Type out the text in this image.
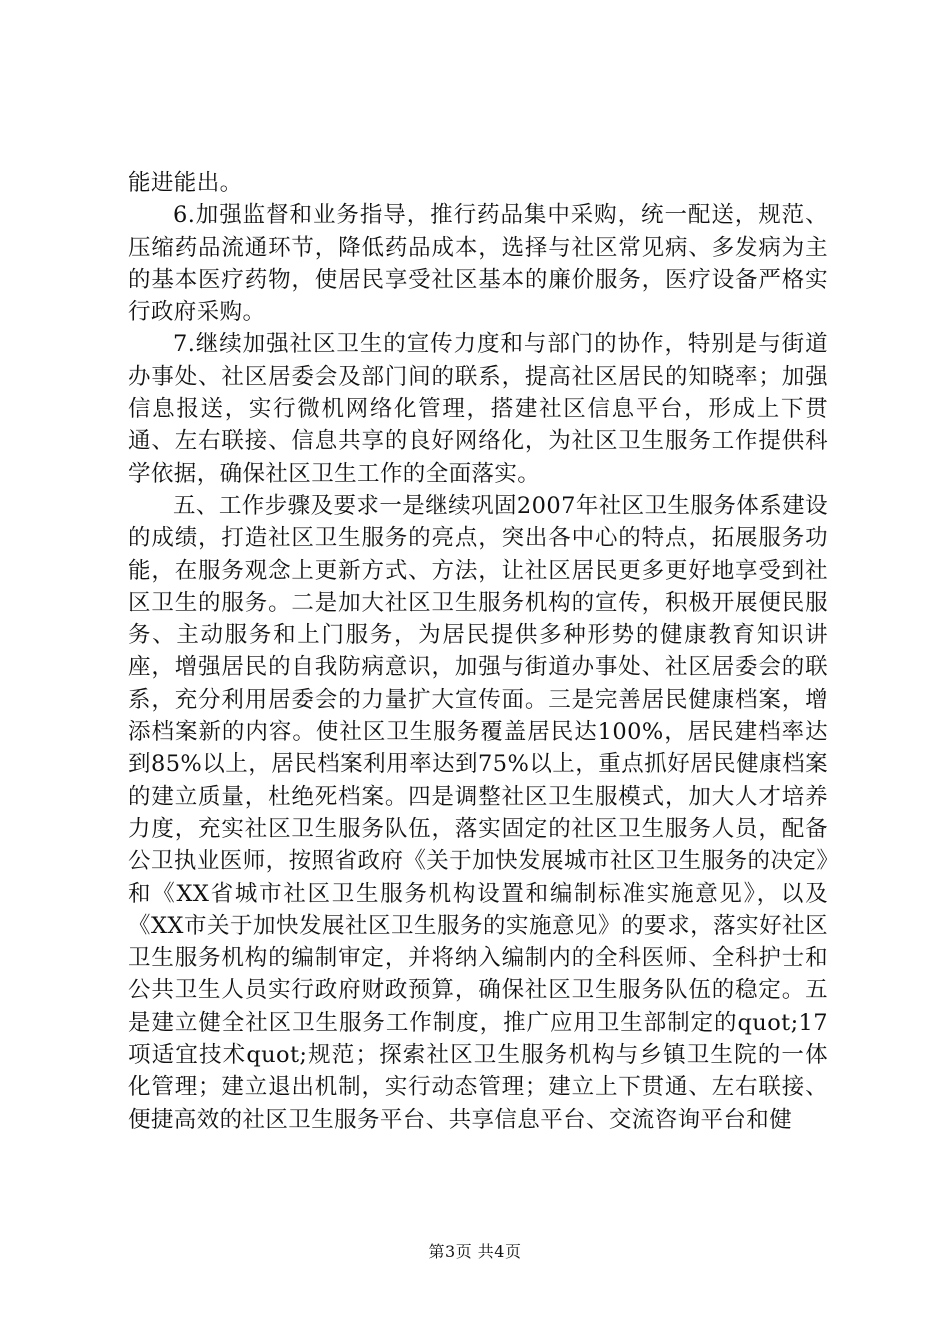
能进能出。

6.加强监督和业务指导，推行药品集中采购，统一配送，规范、压缩药品流通环节，降低药品成本，选择与社区常见病、多发病为主的基本医疗药物，使居民享受社区基本的廉价服务，医疗设备严格实行政府采购。

7.继续加强社区卫生的宣传力度和与部门的协作，特别是与街道办事处、社区居委会及部门间的联系，提高社区居民的知晓率；加强信息报送，实行微机网络化管理，搭建社区信息平台，形成上下贯通、左右联接、信息共享的良好网络化，为社区卫生服务工作提供科学依据，确保社区卫生工作的全面落实。

五、工作步骤及要求一是继续巩固2007年社区卫生服务体系建设的成绩，打造社区卫生服务的亮点，突出各中心的特点，拓展服务功能，在服务观念上更新方式、方法，让社区居民更多更好地享受到社区卫生的服务。二是加大社区卫生服务机构的宣传，积极开展便民服务、主动服务和上门服务，为居民提供多种形势的健康教育知识讲座，增强居民的自我防病意识，加强与街道办事处、社区居委会的联系，充分利用居委会的力量扩大宣传面。三是完善居民健康档案，增添档案新的内容。使社区卫生服务覆盖居民达100%，居民建档率达到85%以上，居民档案利用率达到75%以上，重点抓好居民健康档案的建立质量，杜绝死档案。四是调整社区卫生服模式，加大人才培养力度，充实社区卫生服务队伍，落实固定的社区卫生服务人员，配备公卫执业医师，按照省政府《关于加快发展城市社区卫生服务的决定》和《XX省城市社区卫生服务机构设置和编制标准实施意见》，以及《XX市关于加快发展社区卫生服务的实施意见》的要求，落实好社区卫生服务机构的编制审定，并将纳入编制内的全科医师、全科护士和公共卫生人员实行政府财政预算，确保社区卫生服务队伍的稳定。五是建立健全社区卫生服务工作制度，推广应用卫生部制定的quot;17项适宜技术quot;规范；探索社区卫生服务机构与乡镇卫生院的一体化管理；建立退出机制，实行动态管理；建立上下贯通、左右联接、便捷高效的社区卫生服务平台、共享信息平台、交流咨询平台和健

第3页 共4页
